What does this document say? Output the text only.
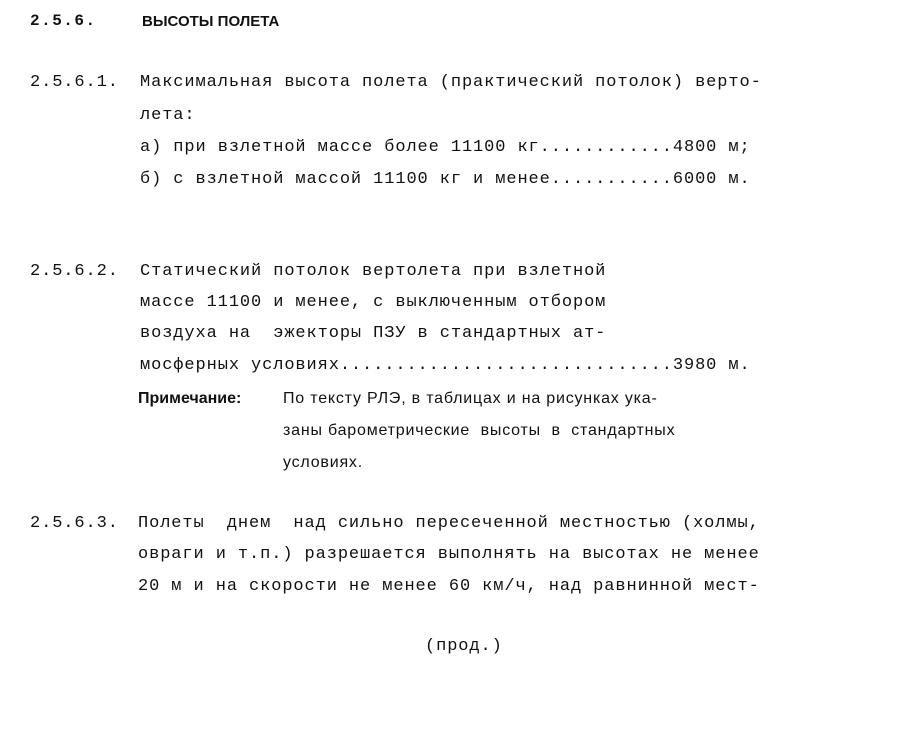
2.5.6.	ВЫСОТЫ ПОЛЕТА
2.5.6.1. Максимальная высота полета (практический потолок) верто-
лета:
а) при взлетной массе более 11100 кг............4800 м;
б) с взлетной массой 11100 кг и менее...........6000 м.
2.5.6.2. Статический потолок вертолета при взлетной
массе 11100 и менее, с выключенным отбором
воздуха на  эжекторы ПЗУ в стандартных ат-
мосферных условиях..............................3980 м.
Примечание:	По тексту РЛЭ, в таблицах и на рисунках ука-
заны барометрические  высоты  в  стандартных
условиях.
2.5.6.3. Полеты  днем  над сильно пересеченной местностью (холмы,
овраги и т.п.) разрешается выполнять на высотах не менее
20 м и на скорости не менее 60 км/ч, над равнинной мест-
(прод.)
